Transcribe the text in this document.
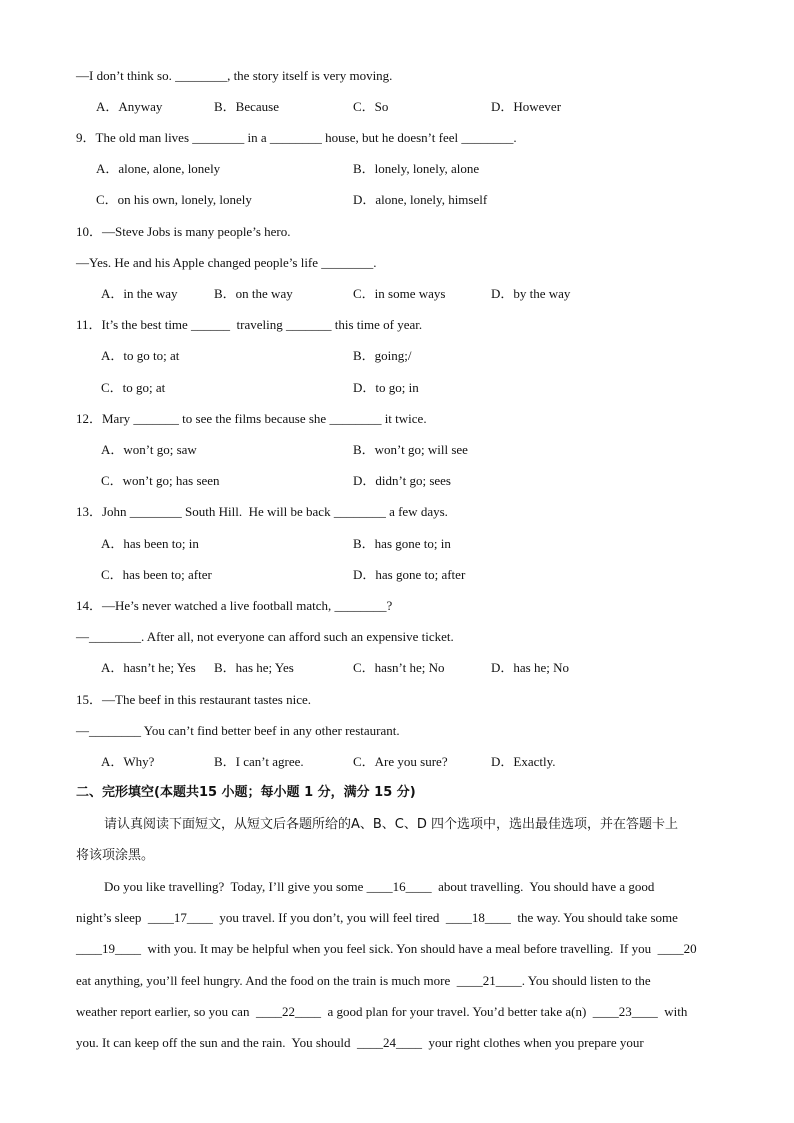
—I don’t think so. ________, the story itself is very moving.
A．Anyway	B．Because	C．So	D．However
9．The old man lives ________ in a ________ house, but he doesn’t feel ________.
A．alone, alone, lonely	B．lonely, lonely, alone
C．on his own, lonely, lonely	D．alone, lonely, himself
10．—Steve Jobs is many people’s hero.
—Yes. He and his Apple changed people’s life ________.
A．in the way	B．on the way	C．in some ways	D．by the way
11．It’s the best time ______  traveling _______ this time of year.
A．to go to; at	B．going;/
C．to go; at	D．to go; in
12．Mary _______ to see the films because she ________ it twice.
A．won’t go; saw	B．won’t go; will see
C．won’t go; has seen	D．didn’t go; sees
13．John ________ South Hill.  He will be back ________ a few days.
A．has been to; in	B．has gone to; in
C．has been to; after	D．has gone to; after
14．—He’s never watched a live football match, ________?
—________. After all, not everyone can afford such an expensive ticket.
A．hasn’t he; Yes B．has he; Yes	C．hasn’t he; No	D．has he; No
15．—The beef in this restaurant tastes nice.
—________ You can’t find better beef in any other restaurant.
A．Why?	B．I can’t agree.	C．Are you sure?	D．Exactly.
二、完形填空(本题共15 小题；每小题 1 分，满分 15 分)
请认真阅读下面短文，从短文后各题所给的A、B、C、D 四个选项中，选出最佳选项，并在答题卡上
将该项涂黑。
Do you like travelling?  Today, I’ll give you some ____16____  about travelling.  You should have a good
night’s sleep  ____17____  you travel. If you don’t, you will feel tired  ____18____  the way. You should take some
____19____  with you. It may be helpful when you feel sick. Yon should have a meal before travelling.  If you  ____20
eat anything, you’ll feel hungry. And the food on the train is much more  ____21____. You should listen to the
weather report earlier, so you can  ____22____  a good plan for your travel. You’d better take a(n)  ____23____  with
you. It can keep off the sun and the rain.  You should  ____24____  your right clothes when you prepare your
